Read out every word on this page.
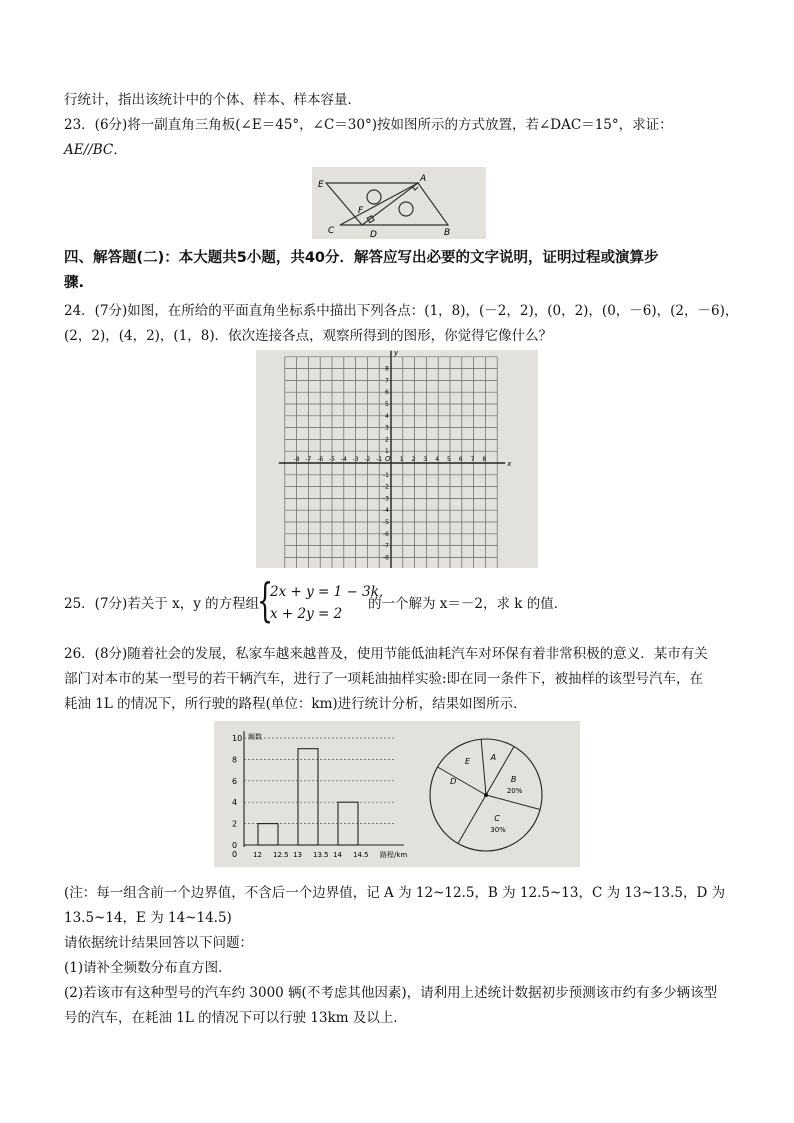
行统计，指出该统计中的个体、样本、样本容量．
23．(6分)将一副直角三角板(∠E＝45°，∠C＝30°)按如图所示的方式放置，若∠DAC＝15°，求证：
AE//BC．
E
A
F
C	D	B
四、解答题(二)：本大题共5小题，共40分．解答应写出必要的文字说明，证明过程或演算步
骤.
24．(7分)如图，在所给的平面直角坐标系中描出下列各点：(1，8)，(－2，2)，(0，2)，(0，－6)，(2，－6)，
(2，2)，(4，2)，(1，8)．依次连接各点，观察所得到的图形，你觉得它像什么？
x
y
O
-8 -7 -6 -5 -4 -3 -2 -1	1 2 3 4 5 6 7 8
8
7
6
5
4
3
2
1
-1
-2
-3
-4
-5
-6
-7
-8
25．(7分)若关于 x，y 的方程组
{
2x + y = 1 − 3k,
x + 2y = 2
的一个解为 x＝－2，求 k 的值．
26．(8分)随着社会的发展，私家车越来越普及，使用节能低油耗汽车对环保有着非常积极的意义．某市有关
部门对本市的某一型号的若干辆汽车，进行了一项耗油抽样实验:即在同一条件下，被抽样的该型号汽车，在
耗油 1L 的情况下，所行驶的路程(单位：km)进行统计分析，结果如图所示．
0
2
4
6
8
10 频数
12 12.5 13 13.5 14 14.5 路程/km
0
A
B
20%
C
30%
D
E
(注：每一组含前一个边界值，不含后一个边界值，记 A 为 12~12.5，B 为 12.5~13，C 为 13~13.5，D 为
13.5~14，E 为 14~14.5)
请依据统计结果回答以下问题：
(1)请补全频数分布直方图．
(2)若该市有这种型号的汽车约 3000 辆(不考虑其他因素)，请利用上述统计数据初步预测该市约有多少辆该型
号的汽车，在耗油 1L 的情况下可以行驶 13km 及以上．
